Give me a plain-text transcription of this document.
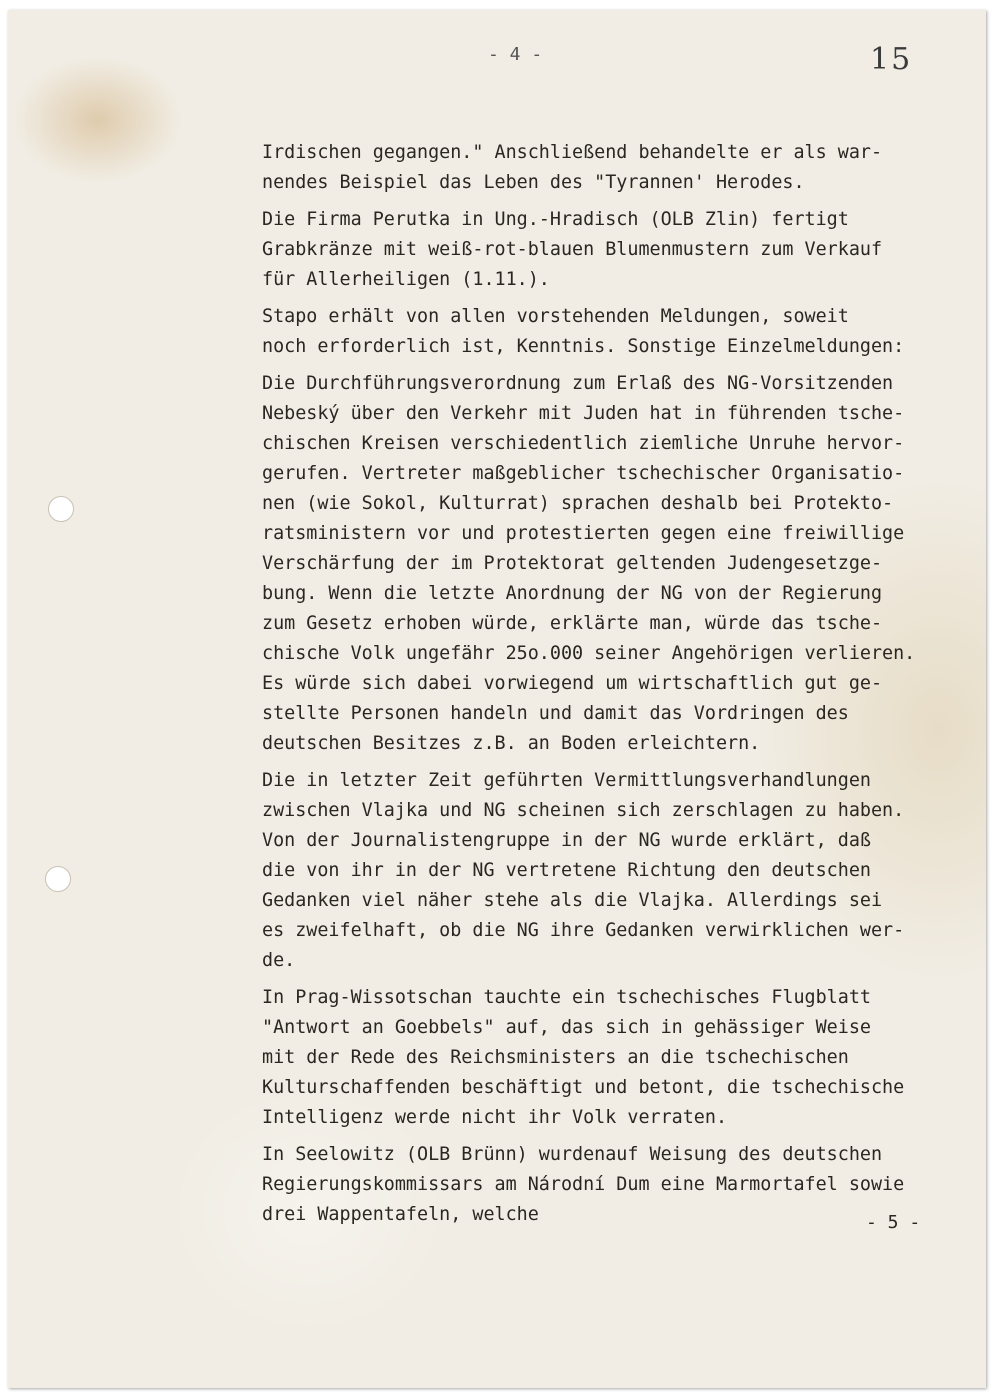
- 4 -	15
Irdischen gegangen." Anschließend behandelte er als war-
nendes Beispiel das Leben des "Tyrannen' Herodes.
Die Firma Perutka in Ung.-Hradisch (OLB Zlin) fertigt
Grabkränze mit weiß-rot-blauen Blumenmustern zum Verkauf
für Allerheiligen (1.11.).
Stapo erhält von allen vorstehenden Meldungen, soweit
noch erforderlich ist, Kenntnis. Sonstige Einzelmeldungen:
Die Durchführungsverordnung zum Erlaß des NG-Vorsitzenden
Nebeský über den Verkehr mit Juden hat in führenden tsche-
chischen Kreisen verschiedentlich ziemliche Unruhe hervor-
gerufen. Vertreter maßgeblicher tschechischer Organisatio-
nen (wie Sokol, Kulturrat) sprachen deshalb bei Protekto-
ratsministern vor und protestierten gegen eine freiwillige
Verschärfung der im Protektorat geltenden Judengesetzge-
bung. Wenn die letzte Anordnung der NG von der Regierung
zum Gesetz erhoben würde, erklärte man, würde das tsche-
chische Volk ungefähr 25o.000 seiner Angehörigen verlieren.
Es würde sich dabei vorwiegend um wirtschaftlich gut ge-
stellte Personen handeln und damit das Vordringen des
deutschen Besitzes z.B. an Boden erleichtern.
Die in letzter Zeit geführten Vermittlungsverhandlungen
zwischen Vlajka und NG scheinen sich zerschlagen zu haben.
Von der Journalistengruppe in der NG wurde erklärt, daß
die von ihr in der NG vertretene Richtung den deutschen
Gedanken viel näher stehe als die Vlajka. Allerdings sei
es zweifelhaft, ob die NG ihre Gedanken verwirklichen wer-
de.
In Prag-Wissotschan tauchte ein tschechisches Flugblatt
"Antwort an Goebbels" auf, das sich in gehässiger Weise
mit der Rede des Reichsministers an die tschechischen
Kulturschaffenden beschäftigt und betont, die tschechische
Intelligenz werde nicht ihr Volk verraten.
In Seelowitz (OLB Brünn) wurdenauf Weisung des deutschen
Regierungskommissars am Národní Dum eine Marmortafel sowie
drei Wappentafeln, welche	- 5 -
